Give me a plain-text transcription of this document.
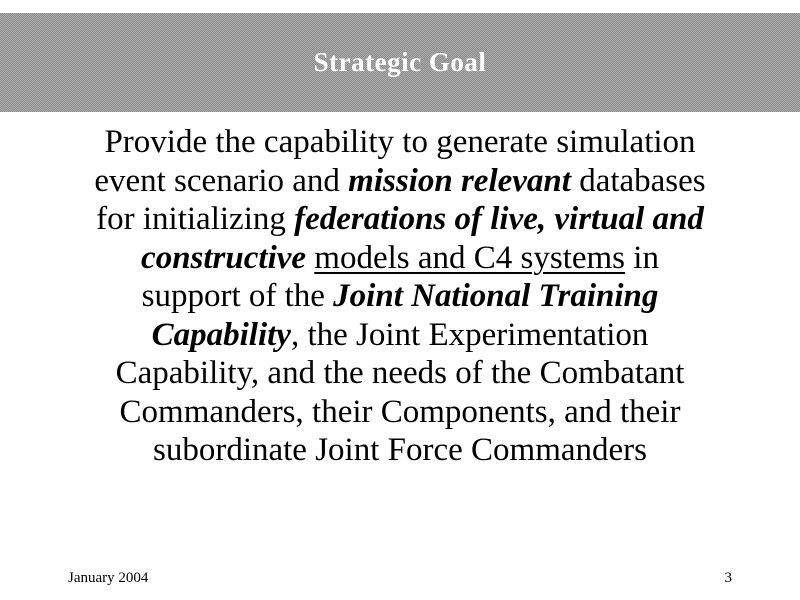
Strategic Goal
Provide the capability to generate simulation
event scenario and mission relevant databases
for initializing federations of live, virtual and
constructive models and C4 systems in
support of the Joint National Training
Capability, the Joint Experimentation
Capability, and the needs of the Combatant
Commanders, their Components, and their
subordinate Joint Force Commanders
January 2004	3
